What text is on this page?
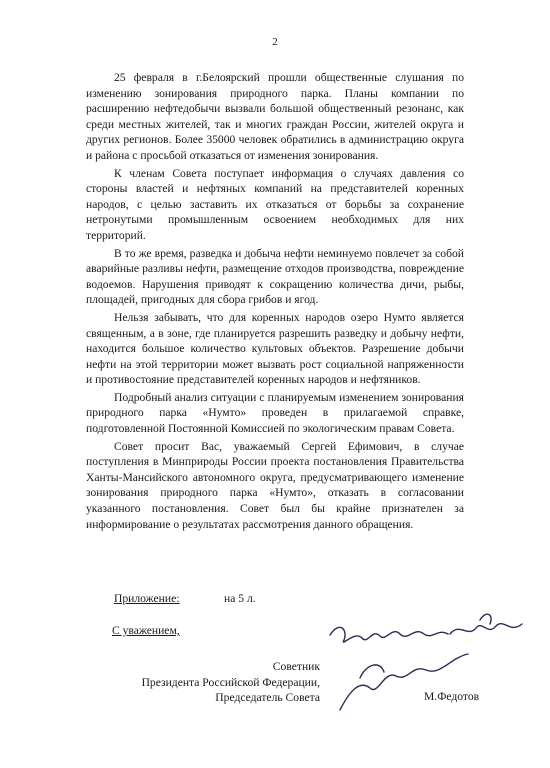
2

25 февраля в г.Белоярский прошли общественные слушания по изменению зонирования природного парка. Планы компании по расширению нефтедобычи вызвали большой общественный резонанс, как среди местных жителей, так и многих граждан России, жителей округа и других регионов. Более 35000 человек обратились в администрацию округа и района с просьбой отказаться от изменения зонирования.

К членам Совета поступает информация о случаях давления со стороны властей и нефтяных компаний на представителей коренных народов, с целью заставить их отказаться от борьбы за сохранение нетронутыми промышленным освоением необходимых для них территорий.

В то же время, разведка и добыча нефти неминуемо повлечет за собой аварийные разливы нефти, размещение отходов производства, повреждение водоемов. Нарушения приводят к сокращению количества дичи, рыбы, площадей, пригодных для сбора грибов и ягод.

Нельзя забывать, что для коренных народов озеро Нумто является священным, а в зоне, где планируется разрешить разведку и добычу нефти, находится большое количество культовых объектов. Разрешение добычи нефти на этой территории может вызвать рост социальной напряженности и противостояние представителей коренных народов и нефтяников.

Подробный анализ ситуации с планируемым изменением зонирования природного парка «Нумто» проведен в прилагаемой справке, подготовленной Постоянной Комиссией по экологическим правам Совета.

Совет просит Вас, уважаемый Сергей Ефимович, в случае поступления в Минприроды России проекта постановления Правительства Ханты-Мансийского автономного округа, предусматривающего изменение зонирования природного парка «Нумто», отказать в согласовании указанного постановления. Совет был бы крайне признателен за информирование о результатах рассмотрения данного обращения.

Приложение:	на 5 л.
С уважением,
Советник
Президента Российской Федерации,
Председатель Совета	М.Федотов
